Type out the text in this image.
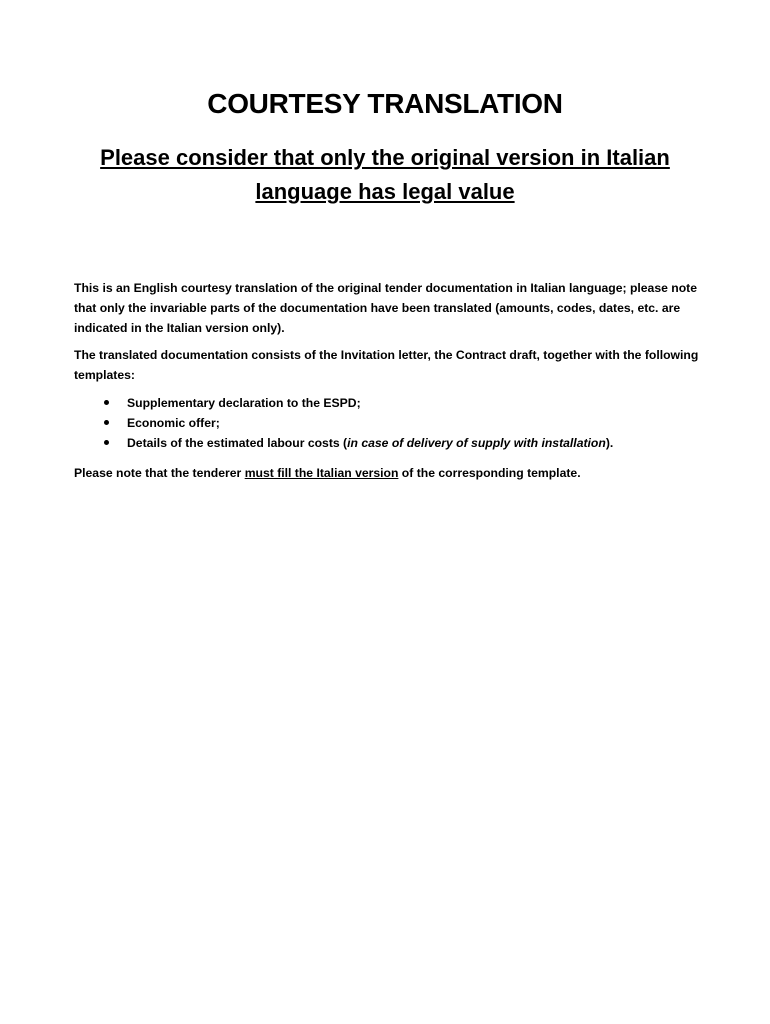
COURTESY TRANSLATION
Please consider that only the original version in Italian language has legal value

This is an English courtesy translation of the original tender documentation in Italian language; please note that only the invariable parts of the documentation have been translated (amounts, codes, dates, etc. are indicated in the Italian version only).

The translated documentation consists of the Invitation letter, the Contract draft, together with the following templates:

Supplementary declaration to the ESPD;
Economic offer;
Details of the estimated labour costs (in case of delivery of supply with installation).

Please note that the tenderer must fill the Italian version of the corresponding template.
